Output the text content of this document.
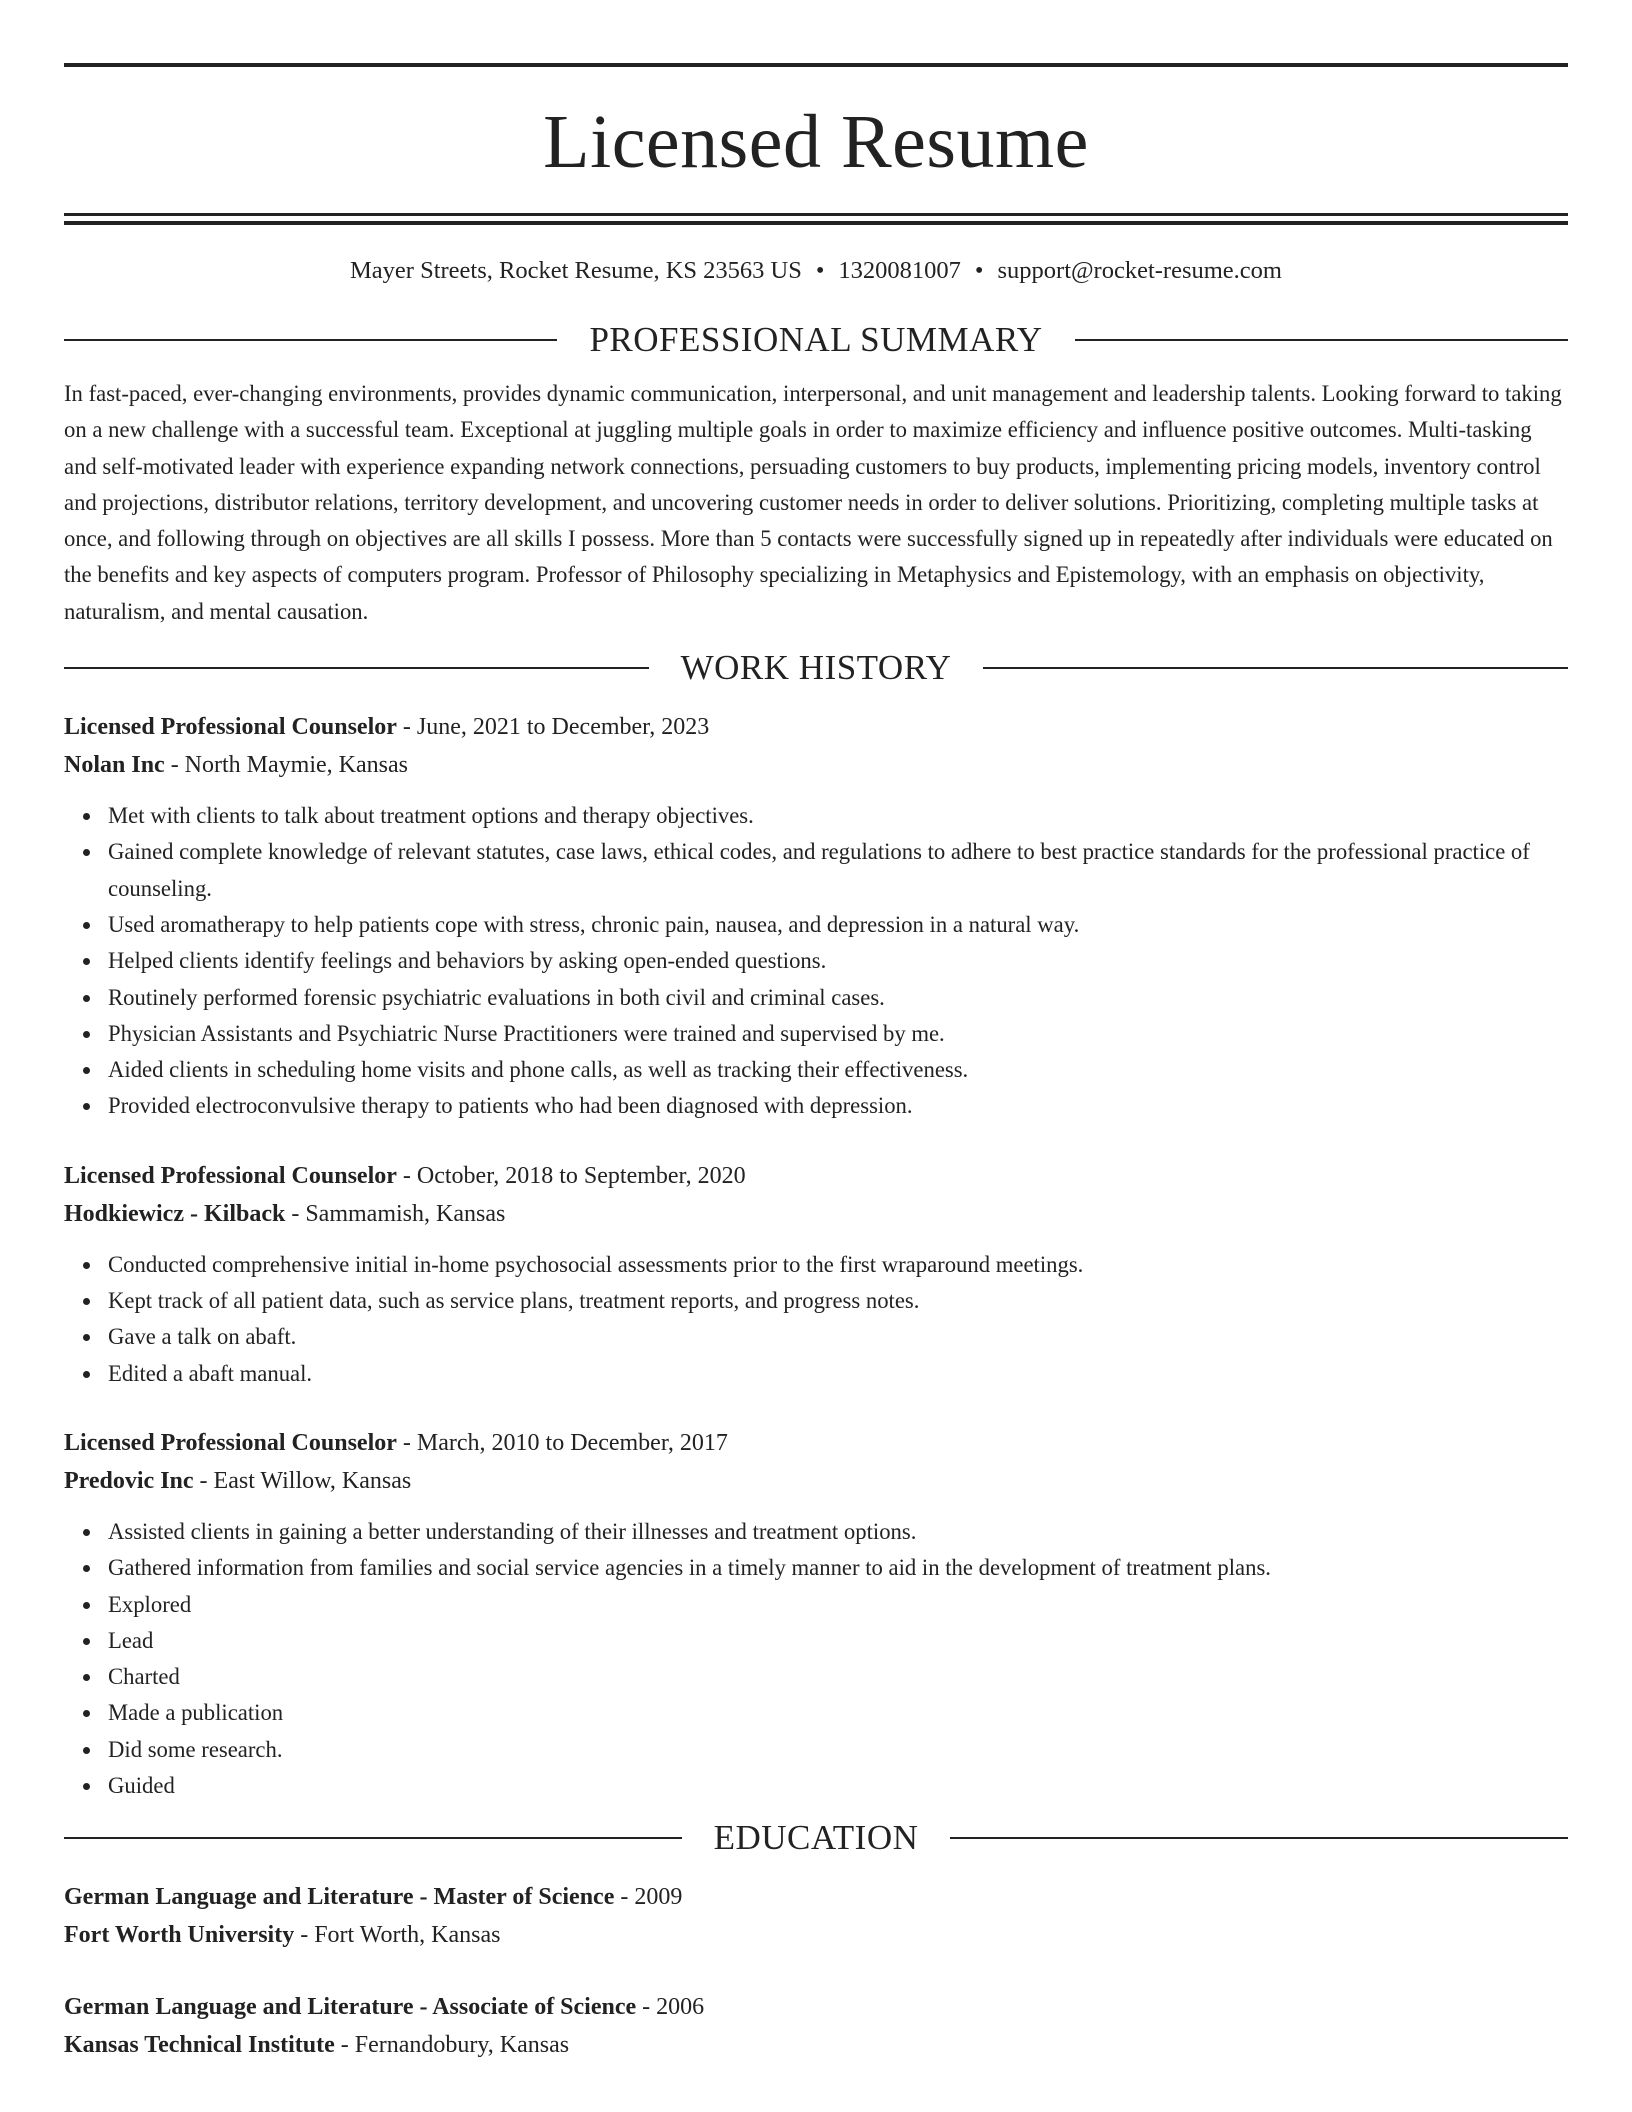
Licensed Resume
Mayer Streets, Rocket Resume, KS 23563 US • 1320081007 • support@rocket-resume.com
PROFESSIONAL SUMMARY

In fast-paced, ever-changing environments, provides dynamic communication, interpersonal, and unit management and leadership talents. Looking forward to taking on a new challenge with a successful team. Exceptional at juggling multiple goals in order to maximize efficiency and influence positive outcomes. Multi-tasking and self-motivated leader with experience expanding network connections, persuading customers to buy products, implementing pricing models, inventory control and projections, distributor relations, territory development, and uncovering customer needs in order to deliver solutions. Prioritizing, completing multiple tasks at once, and following through on objectives are all skills I possess. More than 5 contacts were successfully signed up in repeatedly after individuals were educated on the benefits and key aspects of computers program. Professor of Philosophy specializing in Metaphysics and Epistemology, with an emphasis on objectivity, naturalism, and mental causation.

WORK HISTORY

Licensed Professional Counselor - June, 2021 to December, 2023

Nolan Inc - North Maymie, Kansas

Met with clients to talk about treatment options and therapy objectives.
Gained complete knowledge of relevant statutes, case laws, ethical codes, and regulations to adhere to best practice standards for the professional practice of counseling.
Used aromatherapy to help patients cope with stress, chronic pain, nausea, and depression in a natural way.
Helped clients identify feelings and behaviors by asking open-ended questions.
Routinely performed forensic psychiatric evaluations in both civil and criminal cases.
Physician Assistants and Psychiatric Nurse Practitioners were trained and supervised by me.
Aided clients in scheduling home visits and phone calls, as well as tracking their effectiveness.
Provided electroconvulsive therapy to patients who had been diagnosed with depression.

Licensed Professional Counselor - October, 2018 to September, 2020

Hodkiewicz - Kilback - Sammamish, Kansas

Conducted comprehensive initial in-home psychosocial assessments prior to the first wraparound meetings.
Kept track of all patient data, such as service plans, treatment reports, and progress notes.
Gave a talk on abaft.
Edited a abaft manual.

Licensed Professional Counselor - March, 2010 to December, 2017

Predovic Inc - East Willow, Kansas

Assisted clients in gaining a better understanding of their illnesses and treatment options.
Gathered information from families and social service agencies in a timely manner to aid in the development of treatment plans.
Explored
Lead
Charted
Made a publication
Did some research.
Guided
EDUCATION

German Language and Literature - Master of Science - 2009

Fort Worth University - Fort Worth, Kansas

German Language and Literature - Associate of Science - 2006

Kansas Technical Institute - Fernandobury, Kansas
